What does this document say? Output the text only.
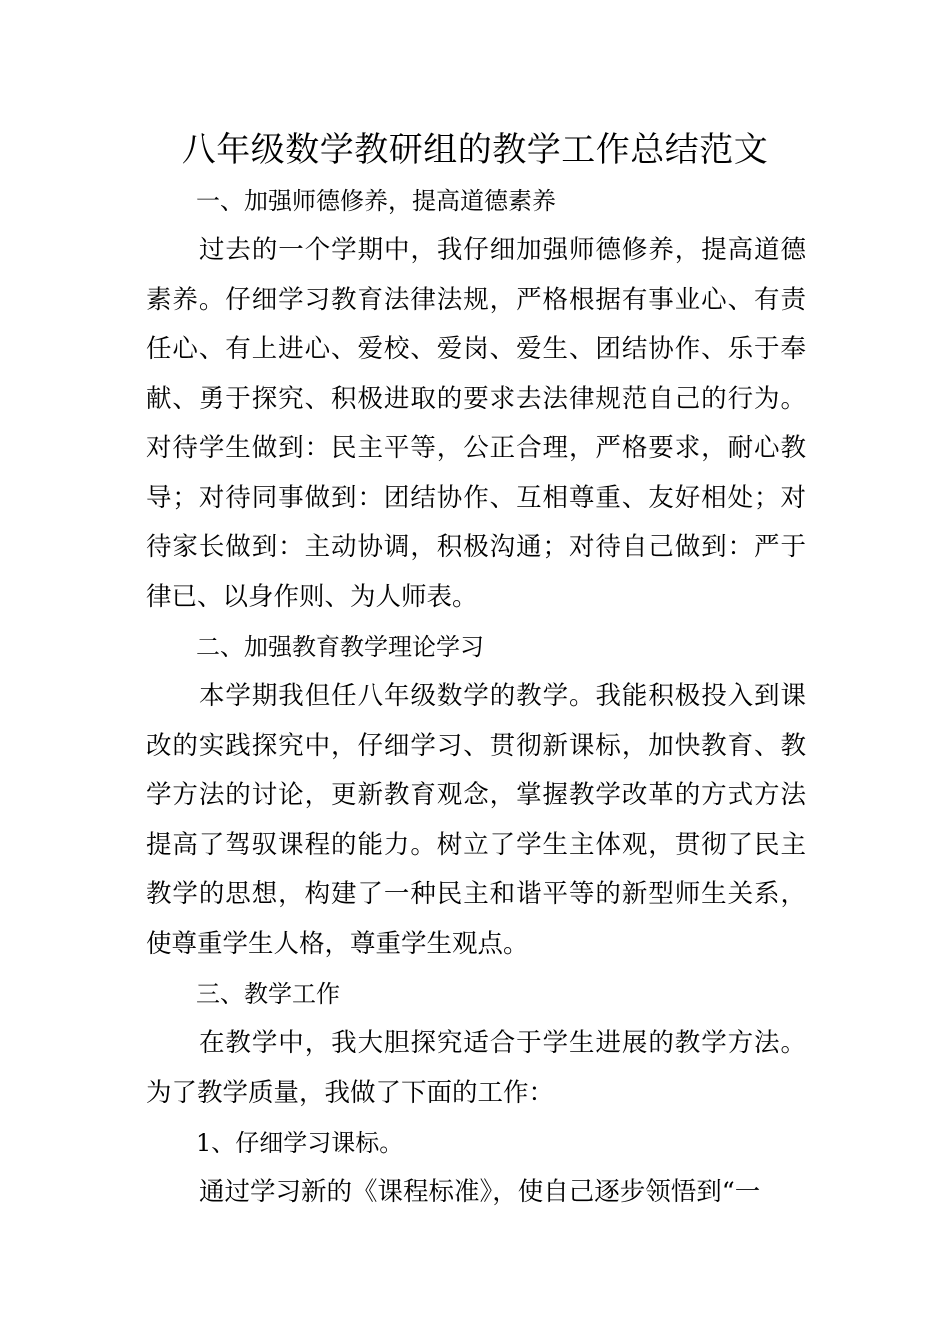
八年级数学教研组的教学工作总结范文

一、加强师德修养，提高道德素养

过去的一个学期中，我仔细加强师德修养，提高道德素养。仔细学习教育法律法规，严格根据有事业心、有责任心、有上进心、爱校、爱岗、爱生、团结协作、乐于奉献、勇于探究、积极进取的要求去法律规范自己的行为。对待学生做到：民主平等，公正合理，严格要求，耐心教导；对待同事做到：团结协作、互相尊重、友好相处；对待家长做到：主动协调，积极沟通；对待自己做到：严于律已、以身作则、为人师表。

二、加强教育教学理论学习

本学期我但任八年级数学的教学。我能积极投入到课改的实践探究中，仔细学习、贯彻新课标，加快教育、教学方法的讨论，更新教育观念，掌握教学改革的方式方法提高了驾驭课程的能力。树立了学生主体观，贯彻了民主教学的思想，构建了一种民主和谐平等的新型师生关系，使尊重学生人格，尊重学生观点。

三、教学工作

在教学中，我大胆探究适合于学生进展的教学方法。为了教学质量，我做了下面的工作：

1、仔细学习课标。

通过学习新的《课程标准》，使自己逐步领悟到“一
